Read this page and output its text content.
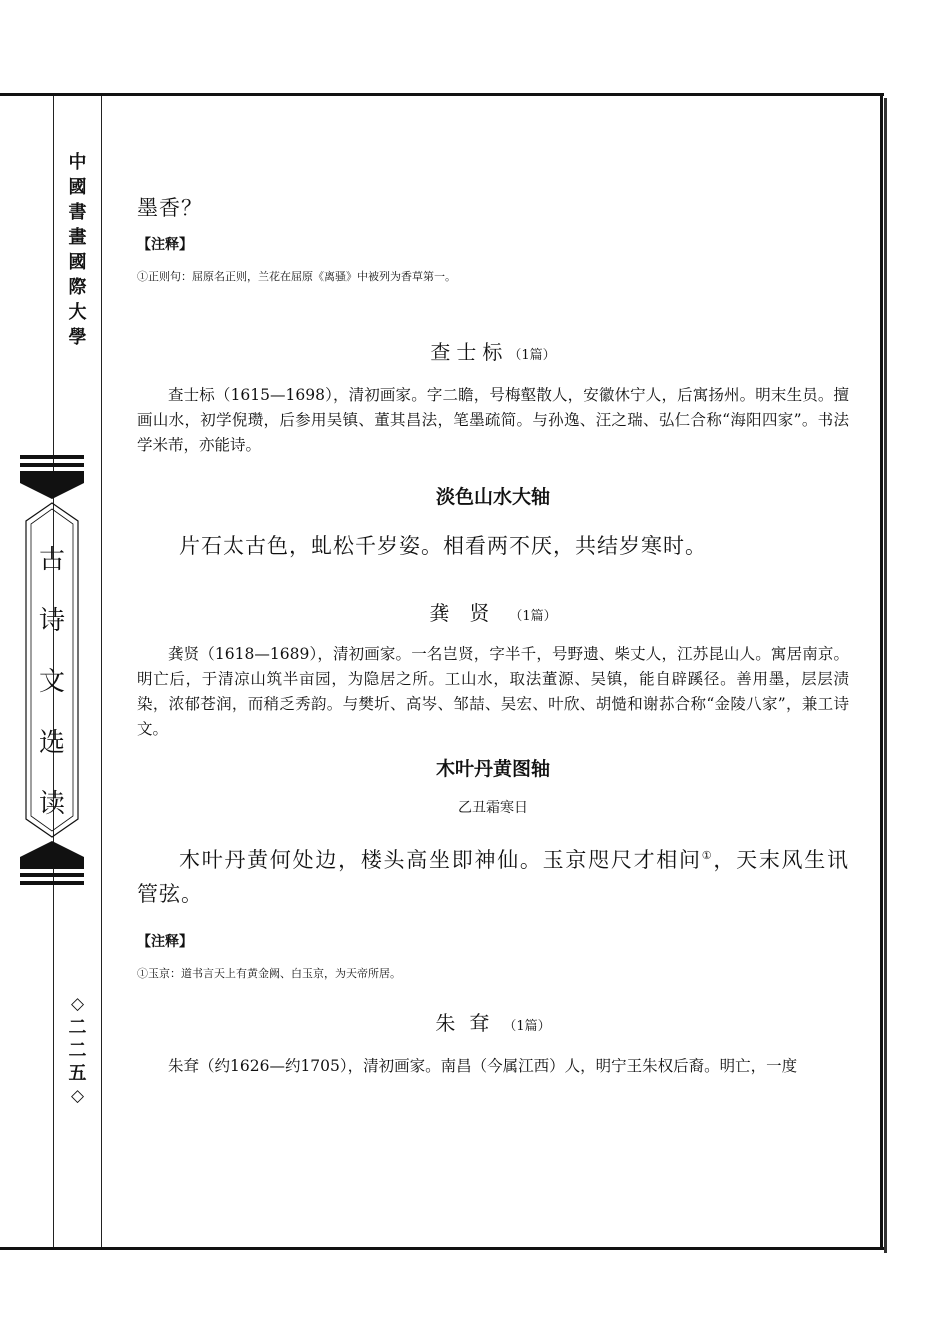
中
國
書
畫
國
際
大
學
古
诗
文
选
读
◇
二
二
五
◇

墨香？

【注释】

①正则句：屈原名正则，兰花在屈原《离骚》中被列为香草第一。

查士标（1篇）

查士标（1615—1698），清初画家。字二瞻，号梅壑散人，安徽休宁人，后寓扬州。明末生员。擅画山水，初学倪瓒，后参用吴镇、董其昌法，笔墨疏简。与孙逸、汪之瑞、弘仁合称“海阳四家”。书法学米芾，亦能诗。

淡色山水大轴

片石太古色，虬松千岁姿。相看两不厌，共结岁寒时。

龚贤（1篇）

龚贤（1618—1689），清初画家。一名岂贤，字半千，号野遗、柴丈人，江苏昆山人。寓居南京。明亡后，于清凉山筑半亩园，为隐居之所。工山水，取法董源、吴镇，能自辟蹊径。善用墨，层层渍染，浓郁苍润，而稍乏秀韵。与樊圻、高岑、邹喆、吴宏、叶欣、胡慥和谢荪合称“金陵八家”，兼工诗文。

木叶丹黄图轴

乙丑霜寒日

木叶丹黄何处边，楼头高坐即神仙。玉京咫尺才相问①，天末风生讯管弦。

【注释】

①玉京：道书言天上有黄金阙、白玉京，为天帝所居。

朱耷（1篇）

朱耷（约1626—约1705），清初画家。南昌（今属江西）人，明宁王朱权后裔。明亡，一度
